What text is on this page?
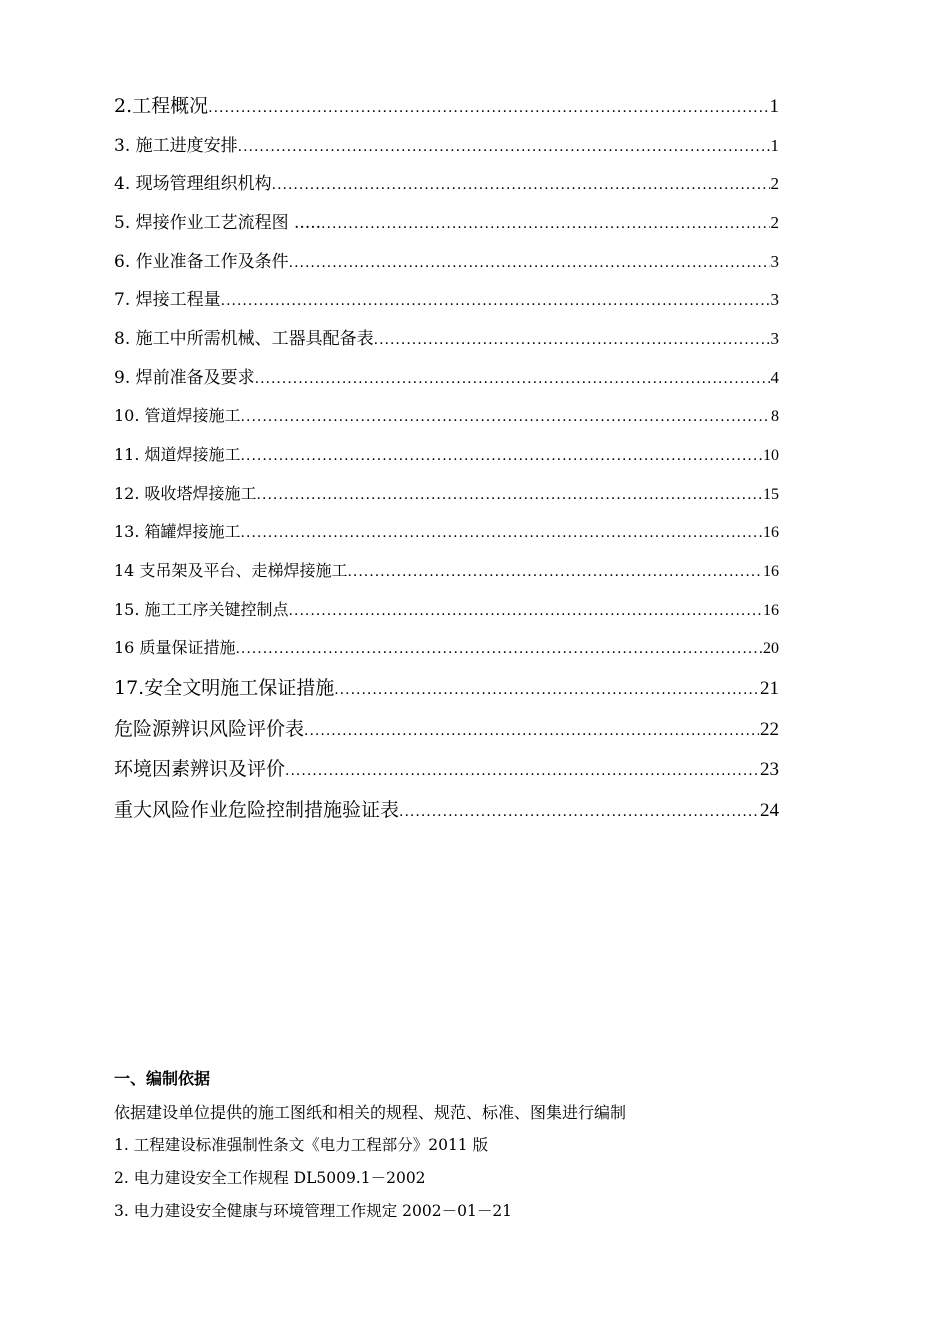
2.工程概况 .....	1
3. 施工进度安排 .....	1
4. 现场管理组织机构 .....	2
5. 焊接作业工艺流程图 ..... .....	2
6. 作业准备工作及条件 .....	3
7. 焊接工程量 .....	3
8. 施工中所需机械、工器具配备表 .....	3
9. 焊前准备及要求 .....	4
10. 管道焊接施工 .....	8
11. 烟道焊接施工 .....	10
12. 吸收塔焊接施工 .....	15
13. 箱罐焊接施工 .....	16
14 支吊架及平台、走梯焊接施工 .....	16
15. 施工工序关键控制点 .....	16
16 质量保证措施 .....	20
17.安全文明施工保证措施 .....	21
危险源辨识风险评价表 .....	22
环境因素辨识及评价 .....	23
重大风险作业危险控制措施验证表 .....	24
一、编制依据
依据建设单位提供的施工图纸和相关的规程、规范、标准、图集进行编制
1. 工程建设标准强制性条文《电力工程部分》2011 版
2. 电力建设安全工作规程 DL5009.1－2002
3. 电力建设安全健康与环境管理工作规定 2002－01－21
